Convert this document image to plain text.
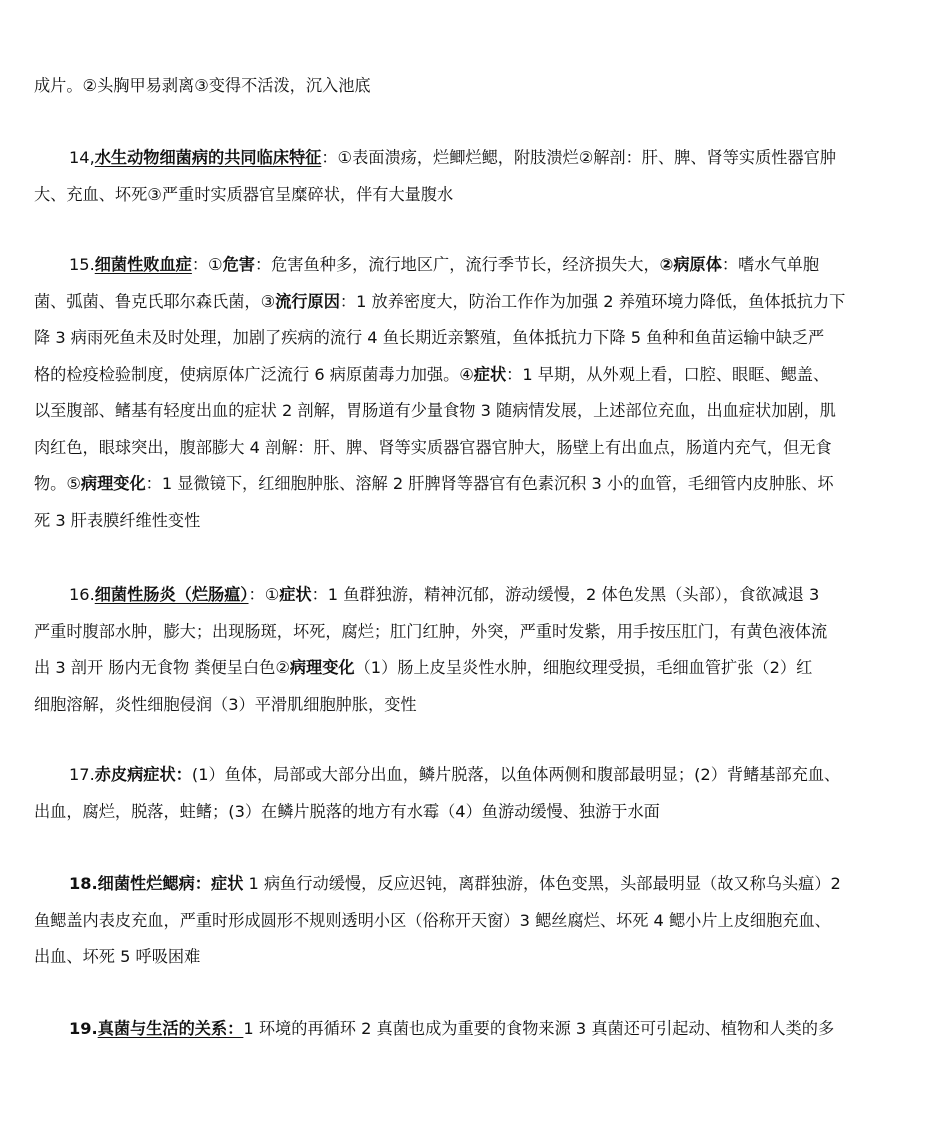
成片。②头胸甲易剥离③变得不活泼，沉入池底
14,水生动物细菌病的共同临床特征：①表面溃疡，烂鲫烂鳃，附肢溃烂②解剖：肝、脾、肾等实质性器官肿
大、充血、坏死③严重时实质器官呈糜碎状，伴有大量腹水
15.细菌性败血症：①危害：危害鱼种多，流行地区广，流行季节长，经济损失大，②病原体：嗜水气单胞
菌、弧菌、鲁克氏耶尔森氏菌，③流行原因：1 放养密度大，防治工作作为加强 2 养殖环境力降低，鱼体抵抗力下
降 3 病雨死鱼未及时处理，加剧了疾病的流行 4 鱼长期近亲繁殖，鱼体抵抗力下降 5 鱼种和鱼苗运输中缺乏严
格的检疫检验制度，使病原体广泛流行 6 病原菌毒力加强。④症状：1 早期，从外观上看，口腔、眼眶、鳃盖、
以至腹部、鳍基有轻度出血的症状 2 剖解，胃肠道有少量食物 3 随病情发展，上述部位充血，出血症状加剧，肌
肉红色，眼球突出，腹部膨大 4 剖解：肝、脾、肾等实质器官器官肿大，肠壁上有出血点，肠道内充气，但无食
物。⑤病理变化：1 显微镜下，红细胞肿胀、溶解 2 肝脾肾等器官有色素沉积 3 小的血管，毛细管内皮肿胀、坏
死 3 肝表膜纤维性变性
16.细菌性肠炎（烂肠瘟）：①症状：1 鱼群独游，精神沉郁，游动缓慢，2 体色发黑（头部），食欲减退 3
严重时腹部水肿，膨大；出现肠斑，坏死，腐烂；肛门红肿，外突，严重时发紫，用手按压肛门，有黄色液体流
出 3 剖开 肠内无食物 粪便呈白色②病理变化（1）肠上皮呈炎性水肿，细胞纹理受损，毛细血管扩张（2）红
细胞溶解，炎性细胞侵润（3）平滑肌细胞肿胀，变性
17.赤皮病症状：(1）鱼体，局部或大部分出血，鳞片脱落，以鱼体两侧和腹部最明显；(2）背鳍基部充血、
出血，腐烂，脱落，蛀鳍；(3）在鳞片脱落的地方有水霉（4）鱼游动缓慢、独游于水面
18.细菌性烂鳃病：症状 1 病鱼行动缓慢，反应迟钝，离群独游，体色变黑，头部最明显（故又称乌头瘟）2
鱼鳃盖内表皮充血，严重时形成圆形不规则透明小区（俗称开天窗）3 鳃丝腐烂、坏死 4 鳃小片上皮细胞充血、
出血、坏死 5 呼吸困难
19.真菌与生活的关系：1 环境的再循环 2 真菌也成为重要的食物来源 3 真菌还可引起动、植物和人类的多
